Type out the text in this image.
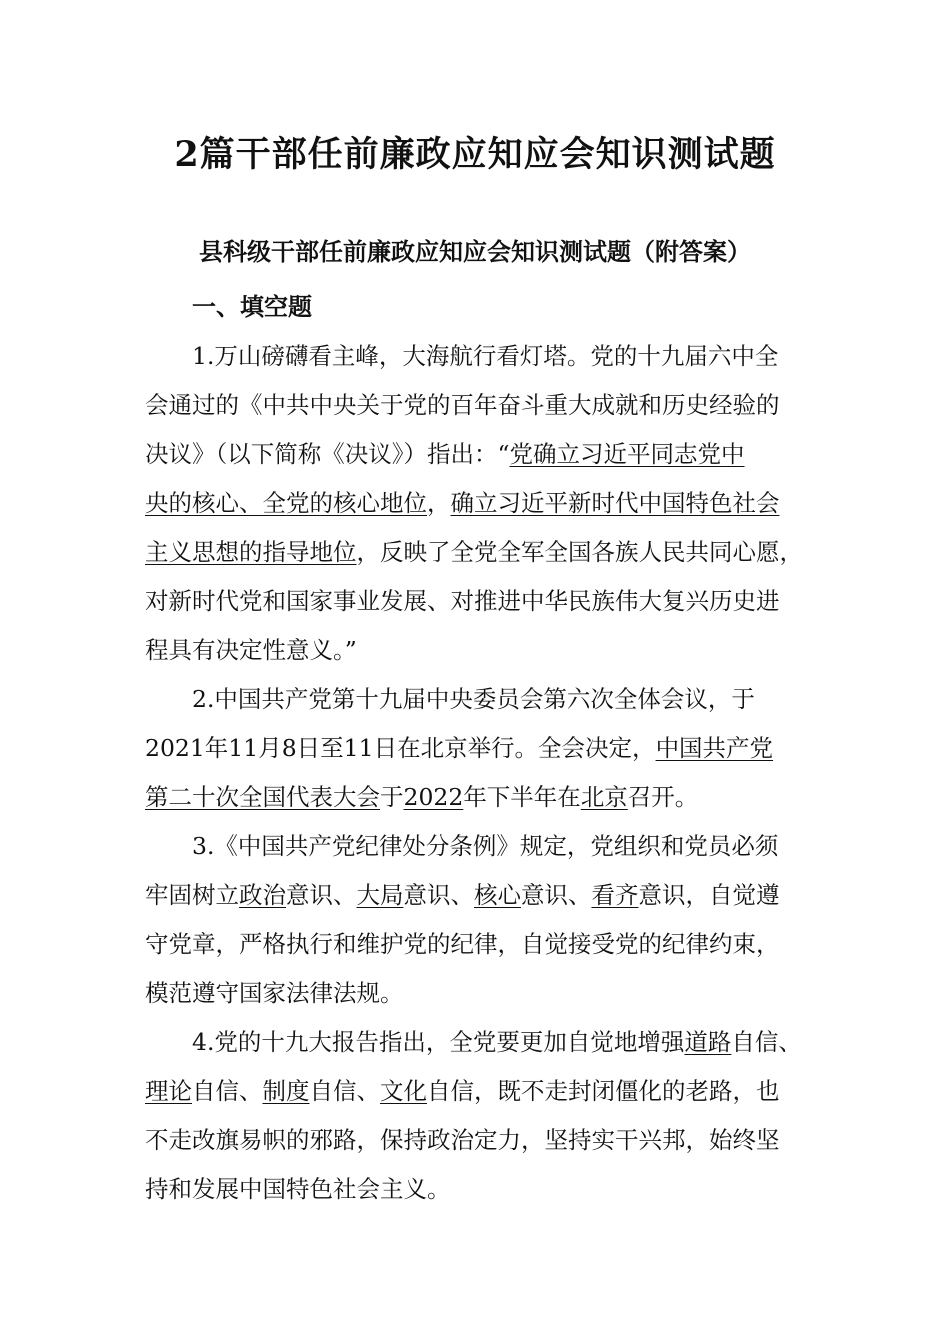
2篇干部任前廉政应知应会知识测试题
县科级干部任前廉政应知应会知识测试题（附答案）
一、填空题
1.万山磅礴看主峰，大海航行看灯塔。党的十九届六中全
会通过的《中共中央关于党的百年奋斗重大成就和历史经验的
决议》（以下简称《决议》）指出：“党确立习近平同志党中
央的核心、全党的核心地位，确立习近平新时代中国特色社会
主义思想的指导地位，反映了全党全军全国各族人民共同心愿，
对新时代党和国家事业发展、对推进中华民族伟大复兴历史进
程具有决定性意义。”
2.中国共产党第十九届中央委员会第六次全体会议，于
2021年11月8日至11日在北京举行。全会决定，中国共产党
第二十次全国代表大会于2022年下半年在北京召开。
3.《中国共产党纪律处分条例》规定，党组织和党员必须
牢固树立政治意识、大局意识、核心意识、看齐意识，自觉遵
守党章，严格执行和维护党的纪律，自觉接受党的纪律约束，
模范遵守国家法律法规。
4.党的十九大报告指出，全党要更加自觉地增强道路自信、
理论自信、制度自信、文化自信，既不走封闭僵化的老路，也
不走改旗易帜的邪路，保持政治定力，坚持实干兴邦，始终坚
持和发展中国特色社会主义。
